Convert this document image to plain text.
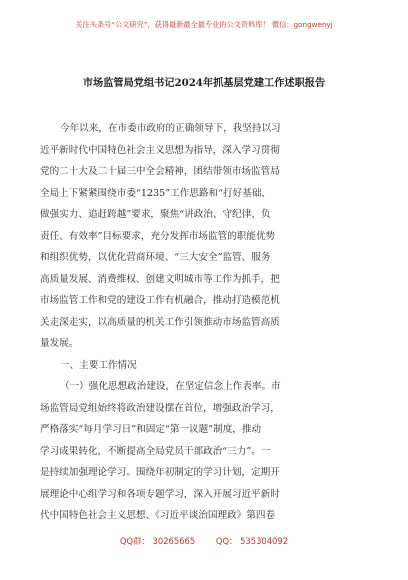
关注头条号“公文研究”，获得最新最全最专业的公文资料库！ 微信：gongwenyj
市场监管局党组书记2024年抓基层党建工作述职报告
今年以来，在市委市政府的正确领导下，我坚持以习
近平新时代中国特色社会主义思想为指导，深入学习贯彻
党的二十大及二十届三中全会精神，团结带领市场监管局
全局上下紧紧围绕市委“1235”工作思路和“打好基础、
做强实力、追赶跨越”要求，聚焦“讲政治、守纪律、负
责任、有效率”目标要求，充分发挥市场监管的职能优势
和组织优势，以优化营商环境、“三大安全”监管、服务
高质量发展、消费维权、创建文明城市等工作为抓手，把
市场监管工作和党的建设工作有机融合，推动打造模范机
关走深走实，以高质量的机关工作引领推动市场监管高质
量发展。
一、主要工作情况
（一）强化思想政治建设，在坚定信念上作表率。市
场监管局党组始终将政治建设摆在首位，增强政治学习，
严格落实“每月学习日”和固定“第一议题”制度，推动
学习成果转化，不断提高全局党员干部政治“三力”。一
是持续加强理论学习。围绕年初制定的学习计划，定期开
展理论中心组学习和各项专题学习，深入开展习近平新时
代中国特色社会主义思想、《习近平谈治国理政》第四卷
QQ群： 30265665 QQ： 535304092
